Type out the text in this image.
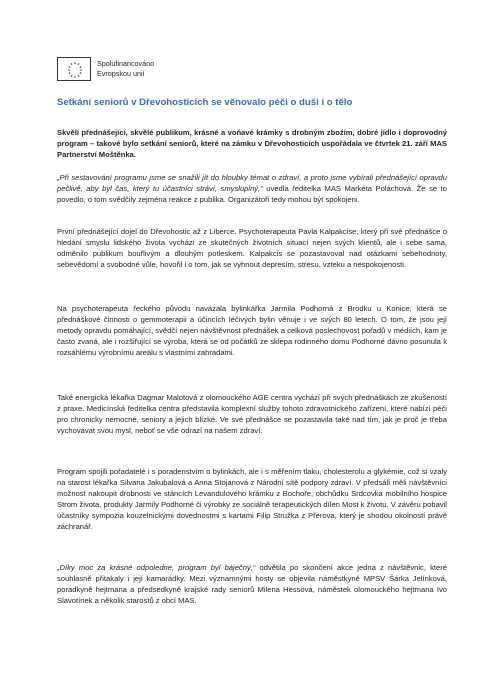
Spolufinancováno
Evropskou unií
Setkání seniorů v Dřevohosticích se věnovalo péči o duši i o tělo
Skvělí přednášející, skvělé publikum, krásné a voňavé krámky s drobným zbožím, dobré jídlo i doprovodný program – takové bylo setkání seniorů, které na zámku v Dřevohosticích uspořádala ve čtvrtek 21. září MAS Partnerství Moštěnka.
„Při sestavování programu jsme se snažili jít do hloubky témat o zdraví, a proto jsme vybírali přednášející opravdu pečlivě, aby byl čas, který tu účastníci stráví, smysluplný,“ uvedla ředitelka MAS Markéta Poláchová. Že se to povedlo, o tom svědčily zejména reakce z publika. Organizátoři tedy mohou být spokojeni.
První přednášející dojel do Dřevohostic až z Liberce. Psychoterapeuta Pavla Kalpakcise, který při své přednášce o hledání smyslu lidského života vychází ze skutečných životních situací nejen svých klientů, ale i sebe sama, odměnilo publikum bouřlivým a dlouhým potleskem. Kalpakcis se pozastavoval nad otázkami sebehodnoty, sebevědomí a svobodné vůle, hovořil i o tom, jak se vyhnout depresím, stresu, vzteku a nespokojenosti.
Na psychoterapeuta řeckého původu navázala bylinkářka Jarmila Podhorná z Brodku u Konice, která se přednáškové činnosti o gemmoterapii a účincích léčivých bylin věnuje i ve svých 80 letech. O tom, že jsou její metody opravdu pomáhající, svědčí nejen návštěvnost přednášek a celková poslechovost pořadů v médiích, kam je často zvaná, ale i rozšiřující se výroba, která se od počátků ze sklepa rodinného domu Podhorné dávno posunula k rozsáhlému výrobnímu areálu s vlastními zahradami.
Také energická lékařka Dagmar Malotová z olomouckého AGE centra vychází při svých přednáškách ze zkušeností z praxe. Medicínská ředitelka centra představila komplexní služby tohoto zdravotnického zařízení, které nabízí péči pro chronicky nemocné, seniory a jejich blízké. Ve své přednášce se pozastavila také nad tím, jak je proč je třeba vychovávat svou mysl, neboť se vše odrazí na našem zdraví.
Program spojili pořadatelé i s poradenstvím o bylinkách, ale i s měřením tlaku, cholesterolu a glykémie, což si vzaly na starost lékařka Silvana Jakubalová a Anna Stojanová z Národní sítě podpory zdraví. V předsálí měli návštěvníci možnost nakoupit drobnosti ve stáncích Levandulového krámku z Bochoře, obchůdku Srdcovka mobilního hospice Strom života, produkty Jarmily Podhorné či výrobky ze sociálně terapeutických dílen Most k životu. V závěru pobavil účastníky sympozia kouzelnickými dovednostmi s kartami Filip Stružka z Přerova, který je shodou okolností právě záchranář.
„Díky moc za krásné odpoledne, program byl báječný,“ odvětila po skončení akce jedna z návštěvnic, které souhlasně přitakaly i její kamarádky. Mezi významnými hosty se objevila náměstkyně MPSV Šárka Jelínková, poradkyně hejtmana a předsedkyně krajské rady seniorů Milena Hessová, náměstek olomouckého hejtmana Ivo Slavotínek a několik starostů z obcí MAS.
